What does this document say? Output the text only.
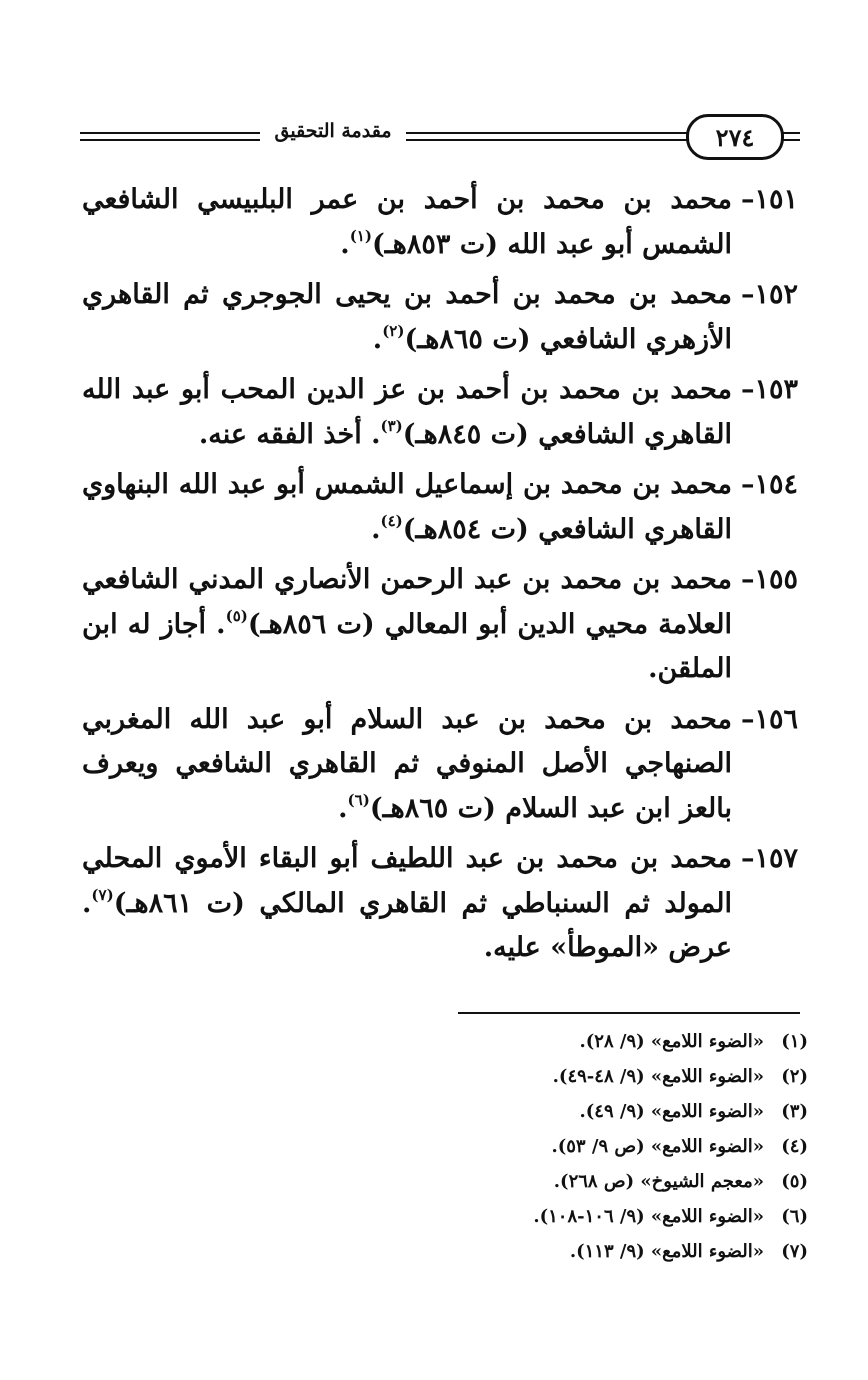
٢٧٤
مقدمة التحقيق
١٥١–
محمد بن محمد بن أحمد بن عمر البلبيسي الشافعي الشمس أبو عبد الله (ت ٨٥٣هـ)$^{(١)}$.
١٥٢–
محمد بن محمد بن أحمد بن يحيى الجوجري ثم القاهري الأزهري الشافعي (ت ٨٦٥هـ)$^{(٢)}$.
١٥٣–
محمد بن محمد بن أحمد بن عز الدين المحب أبو عبد الله القاهري الشافعي (ت ٨٤٥هـ)$^{(٣)}$. أخذ الفقه عنه.
١٥٤–
محمد بن محمد بن إسماعيل الشمس أبو عبد الله البنهاوي القاهري الشافعي (ت ٨٥٤هـ)$^{(٤)}$.
١٥٥–
محمد بن محمد بن عبد الرحمن الأنصاري المدني الشافعي العلامة محيي الدين أبو المعالي (ت ٨٥٦هـ)$^{(٥)}$. أجاز له ابن الملقن.
١٥٦–
محمد بن محمد بن عبد السلام أبو عبد الله المغربي الصنهاجي الأصل المنوفي ثم القاهري الشافعي ويعرف بالعز ابن عبد السلام (ت ٨٦٥هـ)$^{(٦)}$.
١٥٧–
محمد بن محمد بن عبد اللطيف أبو البقاء الأموي المحلي المولد ثم السنباطي ثم القاهري المالكي (ت ٨٦١هـ)$^{(٧)}$. عرض «الموطأ» عليه.
(١)«الضوء اللامع» (٩/ ٢٨).
(٢)«الضوء اللامع» (٩/ ٤٨-٤٩).
(٣)«الضوء اللامع» (٩/ ٤٩).
(٤)«الضوء اللامع» (ص ٩/ ٥٣).
(٥)«معجم الشيوخ» (ص ٢٦٨).
(٦)«الضوء اللامع» (٩/ ١٠٦-١٠٨).
(٧)«الضوء اللامع» (٩/ ١١٣).
